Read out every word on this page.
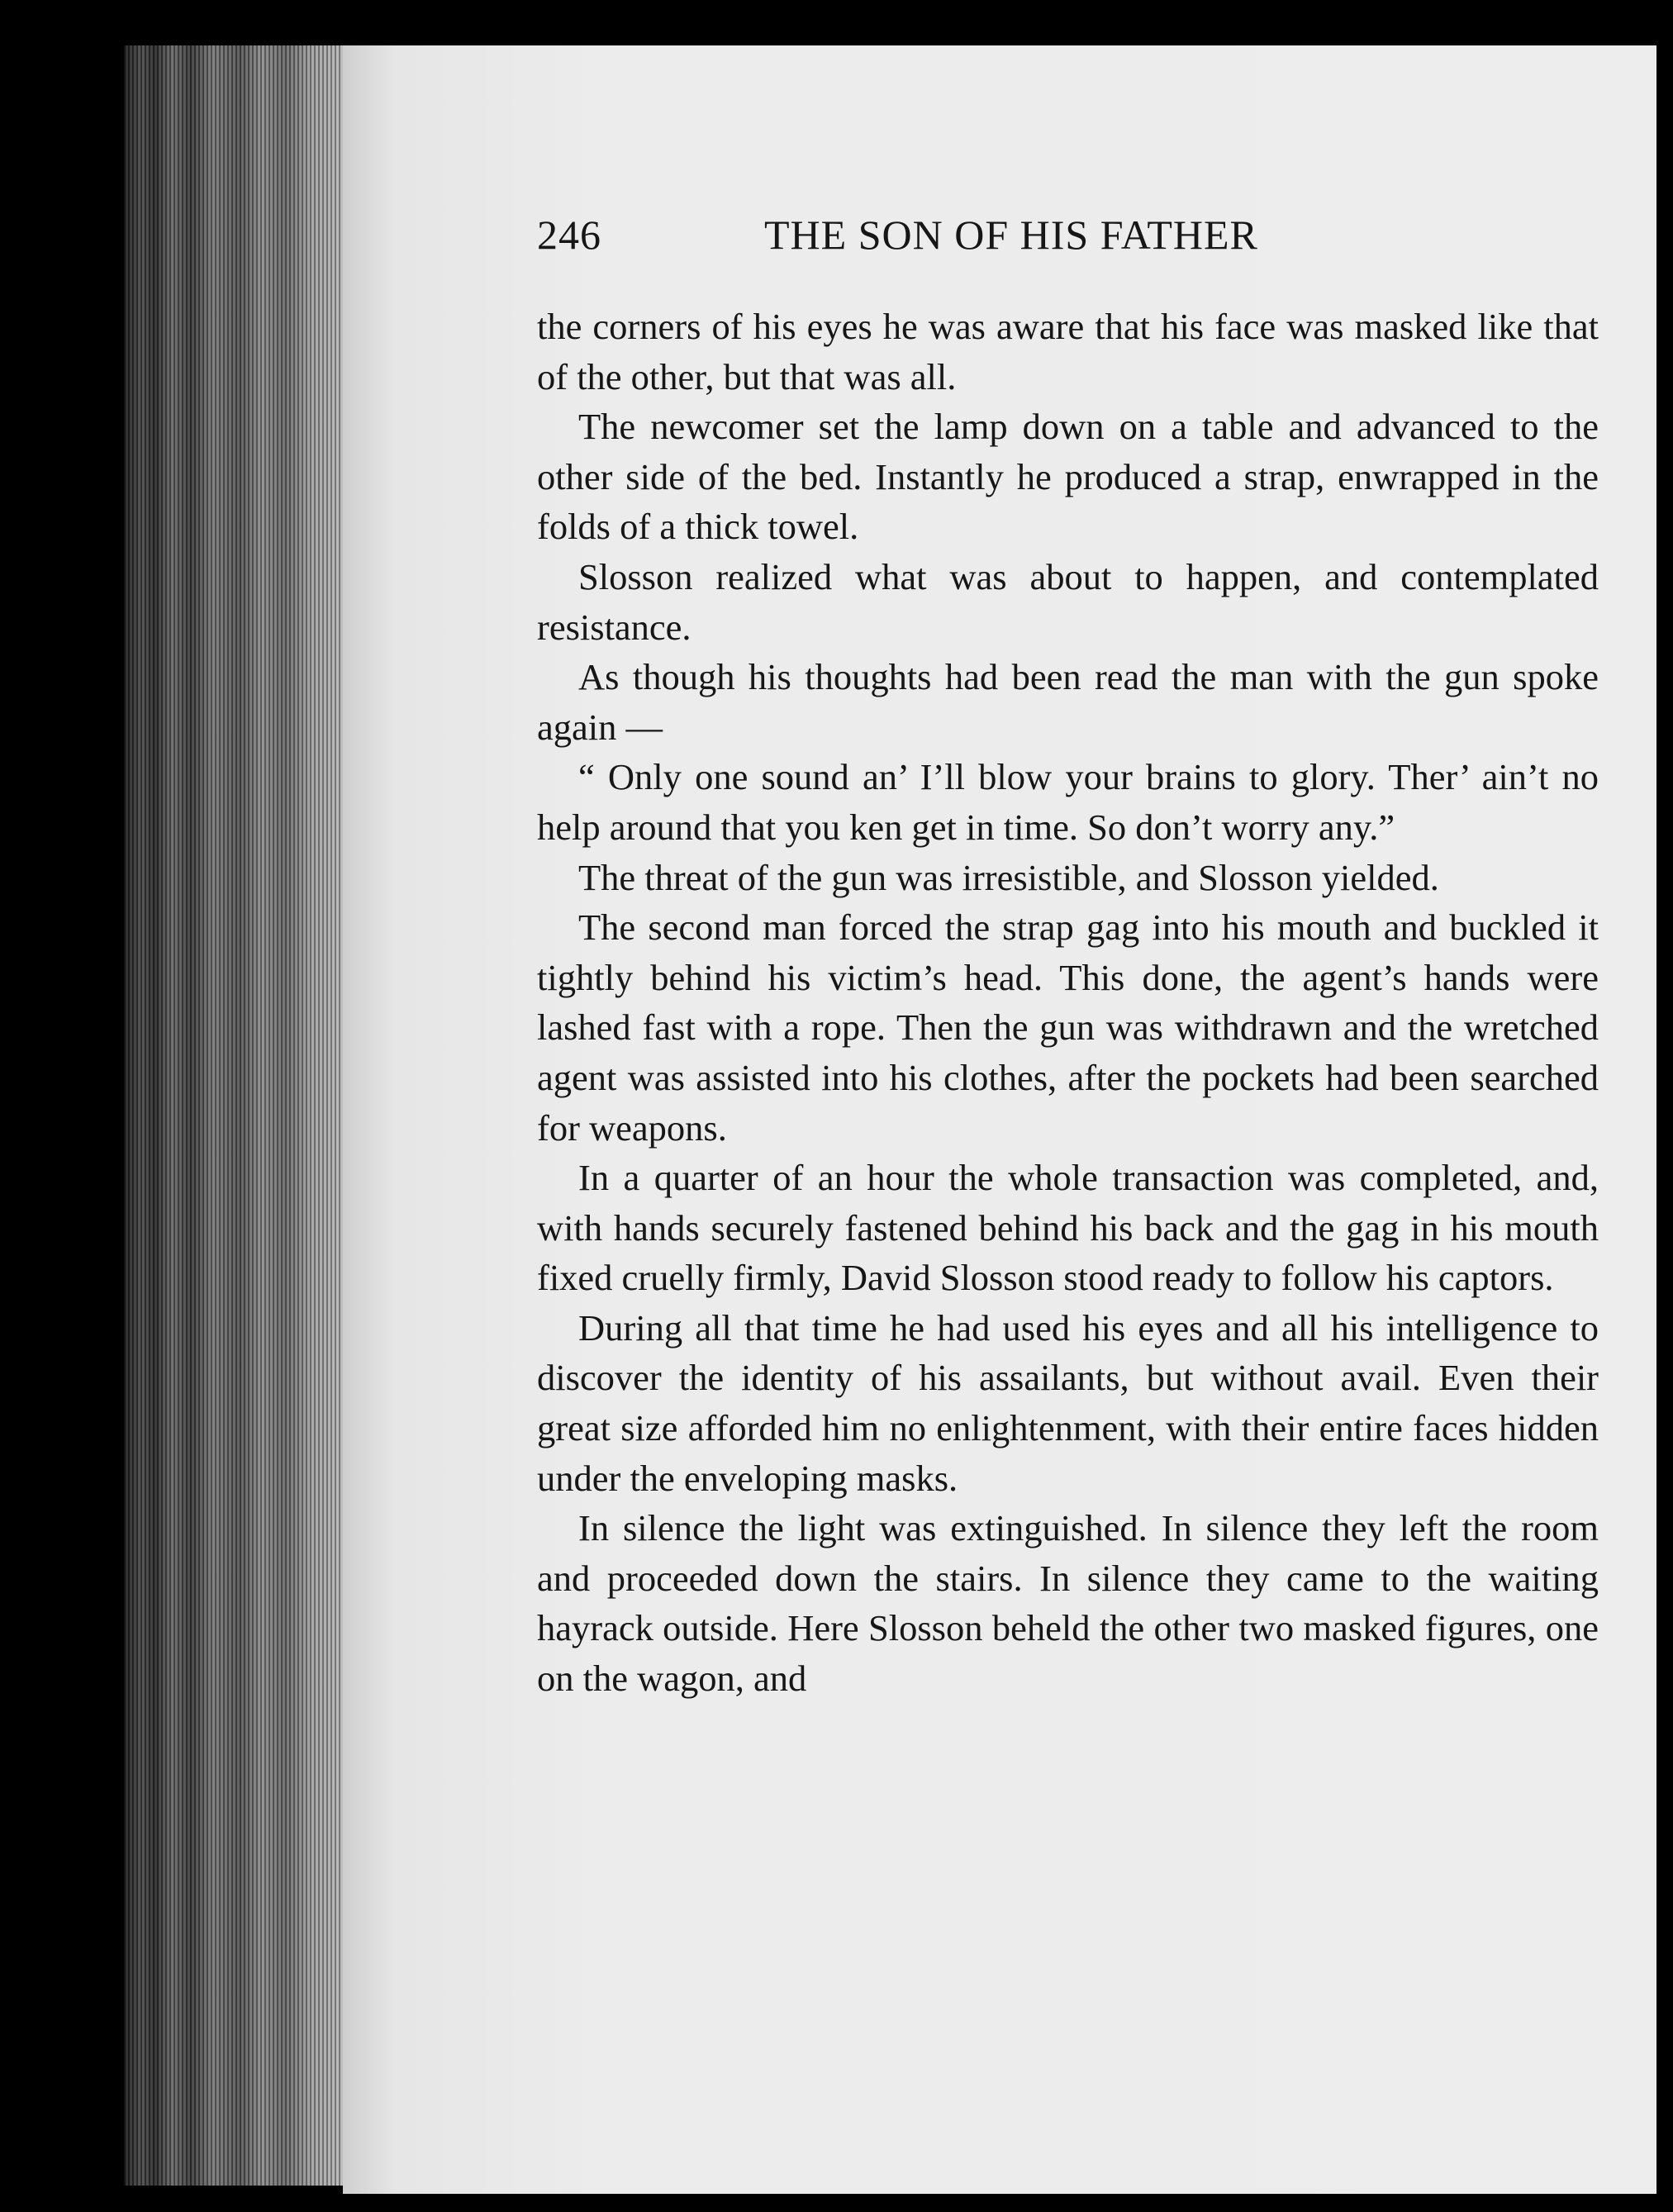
246	THE SON OF HIS FATHER

the corners of his eyes he was aware that his face was masked like that of the other, but that was all.

The newcomer set the lamp down on a table and advanced to the other side of the bed. Instantly he produced a strap, enwrapped in the folds of a thick towel.

Slosson realized what was about to happen, and contemplated resistance.

As though his thoughts had been read the man with the gun spoke again —

“ Only one sound an’ I’ll blow your brains to glory. Ther’ ain’t no help around that you ken get in time. So don’t worry any.”

The threat of the gun was irresistible, and Slosson yielded.

The second man forced the strap gag into his mouth and buckled it tightly behind his victim’s head. This done, the agent’s hands were lashed fast with a rope. Then the gun was withdrawn and the wretched agent was assisted into his clothes, after the pockets had been searched for weapons.

In a quarter of an hour the whole transaction was completed, and, with hands securely fastened behind his back and the gag in his mouth fixed cruelly firmly, David Slosson stood ready to follow his captors.

During all that time he had used his eyes and all his intelligence to discover the identity of his assailants, but without avail. Even their great size afforded him no enlightenment, with their entire faces hidden under the enveloping masks.

In silence the light was extinguished. In silence they left the room and proceeded down the stairs. In silence they came to the waiting hayrack outside. Here Slosson beheld the other two masked figures, one on the wagon, and
